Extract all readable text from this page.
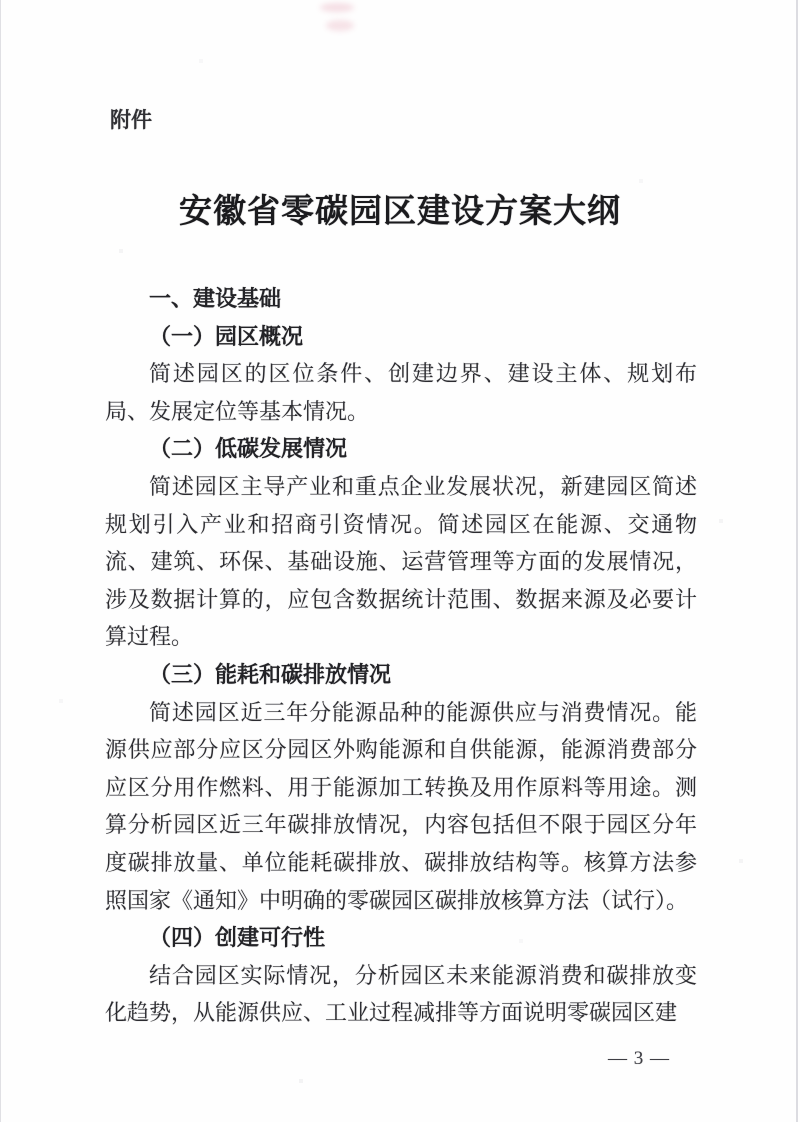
附件
安徽省零碳园区建设方案大纲
一、建设基础
（一）园区概况
简述园区的区位条件、创建边界、建设主体、规划布局、发展定位等基本情况。
（二）低碳发展情况
简述园区主导产业和重点企业发展状况，新建园区简述规划引入产业和招商引资情况。简述园区在能源、交通物流、建筑、环保、基础设施、运营管理等方面的发展情况，涉及数据计算的，应包含数据统计范围、数据来源及必要计算过程。
（三）能耗和碳排放情况
简述园区近三年分能源品种的能源供应与消费情况。能源供应部分应区分园区外购能源和自供能源，能源消费部分应区分用作燃料、用于能源加工转换及用作原料等用途。测算分析园区近三年碳排放情况，内容包括但不限于园区分年度碳排放量、单位能耗碳排放、碳排放结构等。核算方法参照国家《通知》中明确的零碳园区碳排放核算方法（试行）。
（四）创建可行性
结合园区实际情况，分析园区未来能源消费和碳排放变化趋势，从能源供应、工业过程减排等方面说明零碳园区建
— 3 —
